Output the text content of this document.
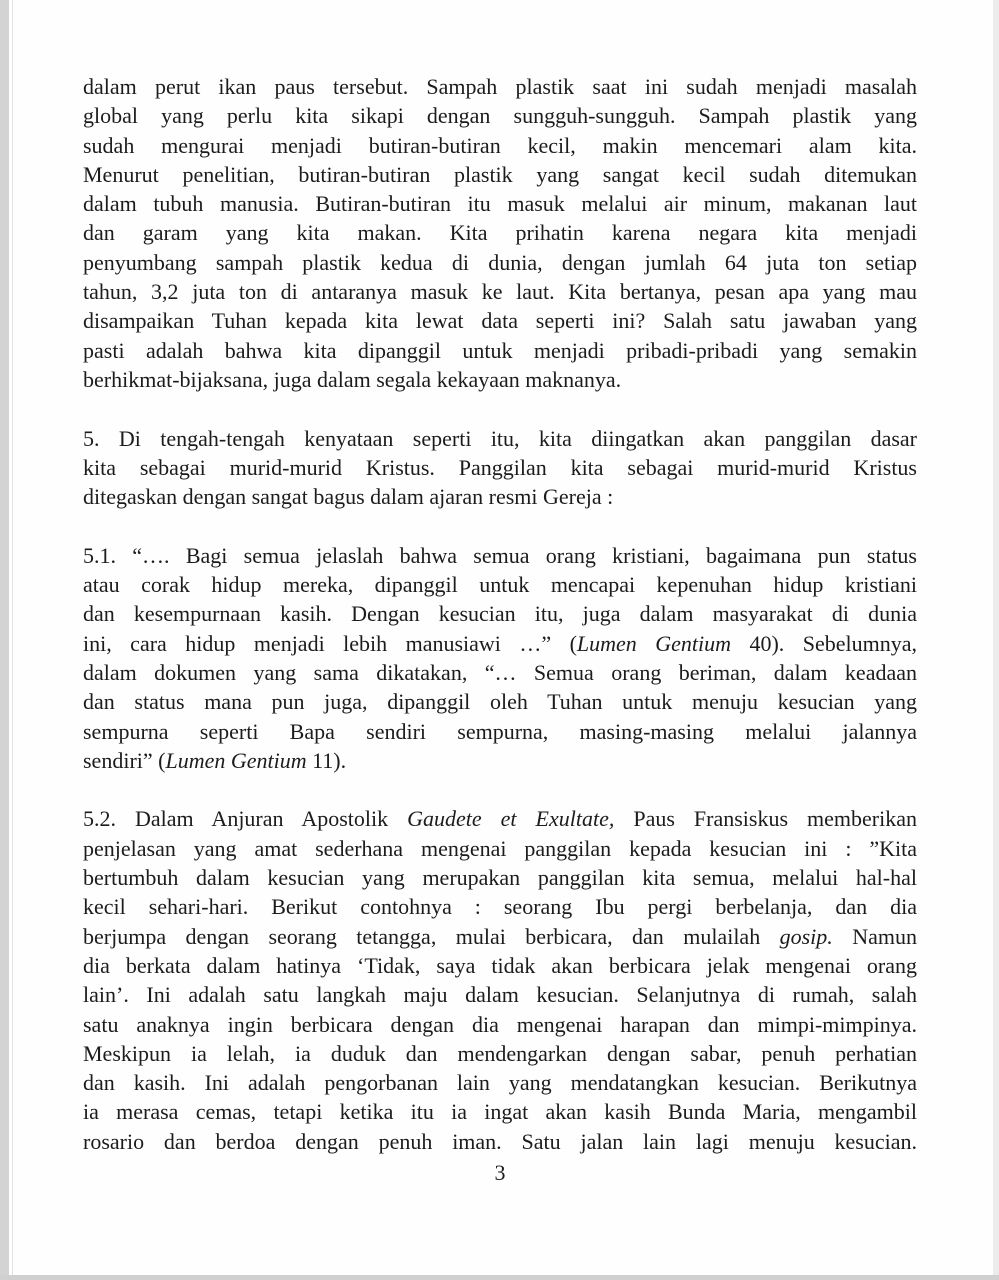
dalam perut ikan paus tersebut. Sampah plastik saat ini sudah menjadi masalah
global yang perlu kita sikapi dengan sungguh-sungguh. Sampah plastik yang
sudah mengurai menjadi butiran-butiran kecil, makin mencemari alam kita.
Menurut penelitian, butiran-butiran plastik yang sangat kecil sudah ditemukan
dalam tubuh manusia. Butiran-butiran itu masuk melalui air minum, makanan laut
dan garam yang kita makan. Kita prihatin karena negara kita menjadi
penyumbang sampah plastik kedua di dunia, dengan jumlah 64 juta ton setiap
tahun, 3,2 juta ton di antaranya masuk ke laut. Kita bertanya, pesan apa yang mau
disampaikan Tuhan kepada kita lewat data seperti ini? Salah satu jawaban yang
pasti adalah bahwa kita dipanggil untuk menjadi pribadi-pribadi yang semakin
berhikmat-bijaksana, juga dalam segala kekayaan maknanya.
5. Di tengah-tengah kenyataan seperti itu, kita diingatkan akan panggilan dasar
kita sebagai murid-murid Kristus. Panggilan kita sebagai murid-murid Kristus
ditegaskan dengan sangat bagus dalam ajaran resmi Gereja :
5.1. “…. Bagi semua jelaslah bahwa semua orang kristiani, bagaimana pun status
atau corak hidup mereka, dipanggil untuk mencapai kepenuhan hidup kristiani
dan kesempurnaan kasih. Dengan kesucian itu, juga dalam masyarakat di dunia
ini, cara hidup menjadi lebih manusiawi …” (Lumen Gentium 40). Sebelumnya,
dalam dokumen yang sama dikatakan, “… Semua orang beriman, dalam keadaan
dan status mana pun juga, dipanggil oleh Tuhan untuk menuju kesucian yang
sempurna seperti Bapa sendiri sempurna, masing-masing melalui jalannya
sendiri” (Lumen Gentium 11).
5.2. Dalam Anjuran Apostolik Gaudete et Exultate, Paus Fransiskus memberikan
penjelasan yang amat sederhana mengenai panggilan kepada kesucian ini : ”Kita
bertumbuh dalam kesucian yang merupakan panggilan kita semua, melalui hal-hal
kecil sehari-hari. Berikut contohnya : seorang Ibu pergi berbelanja, dan dia
berjumpa dengan seorang tetangga, mulai berbicara, dan mulailah gosip. Namun
dia berkata dalam hatinya ‘Tidak, saya tidak akan berbicara jelak mengenai orang
lain’. Ini adalah satu langkah maju dalam kesucian. Selanjutnya di rumah, salah
satu anaknya ingin berbicara dengan dia mengenai harapan dan mimpi-mimpinya.
Meskipun ia lelah, ia duduk dan mendengarkan dengan sabar, penuh perhatian
dan kasih. Ini adalah pengorbanan lain yang mendatangkan kesucian. Berikutnya
ia merasa cemas, tetapi ketika itu ia ingat akan kasih Bunda Maria, mengambil
rosario dan berdoa dengan penuh iman. Satu jalan lain lagi menuju kesucian.
3
